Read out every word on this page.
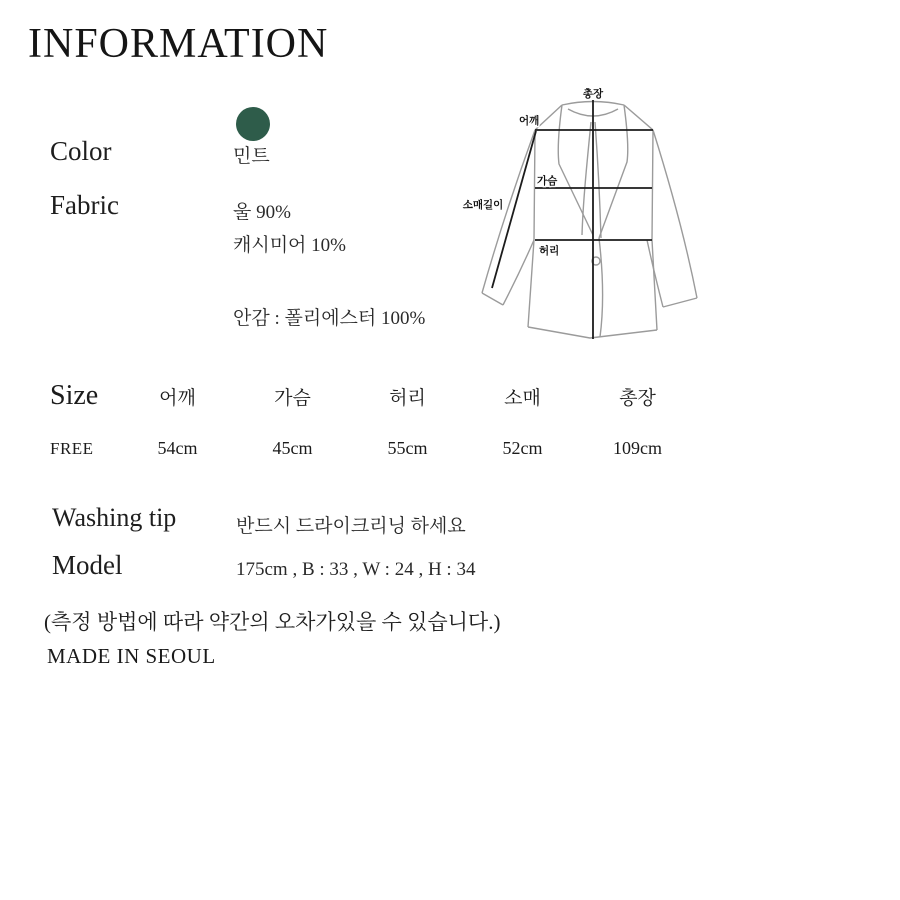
INFORMATION
Color	민트
Fabric	울 90%
캐시미어 10%
안감 : 폴리에스터 100%
총장
어깨
가슴
소매길이
허리
Size	어깨	가슴	허리	소매	총장
FREE	54cm	45cm	55cm	52cm	109cm
Washing tip	반드시 드라이크리닝 하세요
Model	175cm , B : 33 , W : 24 , H : 34
(측정 방법에 따라 약간의 오차가있을 수 있습니다.)
MADE IN SEOUL
